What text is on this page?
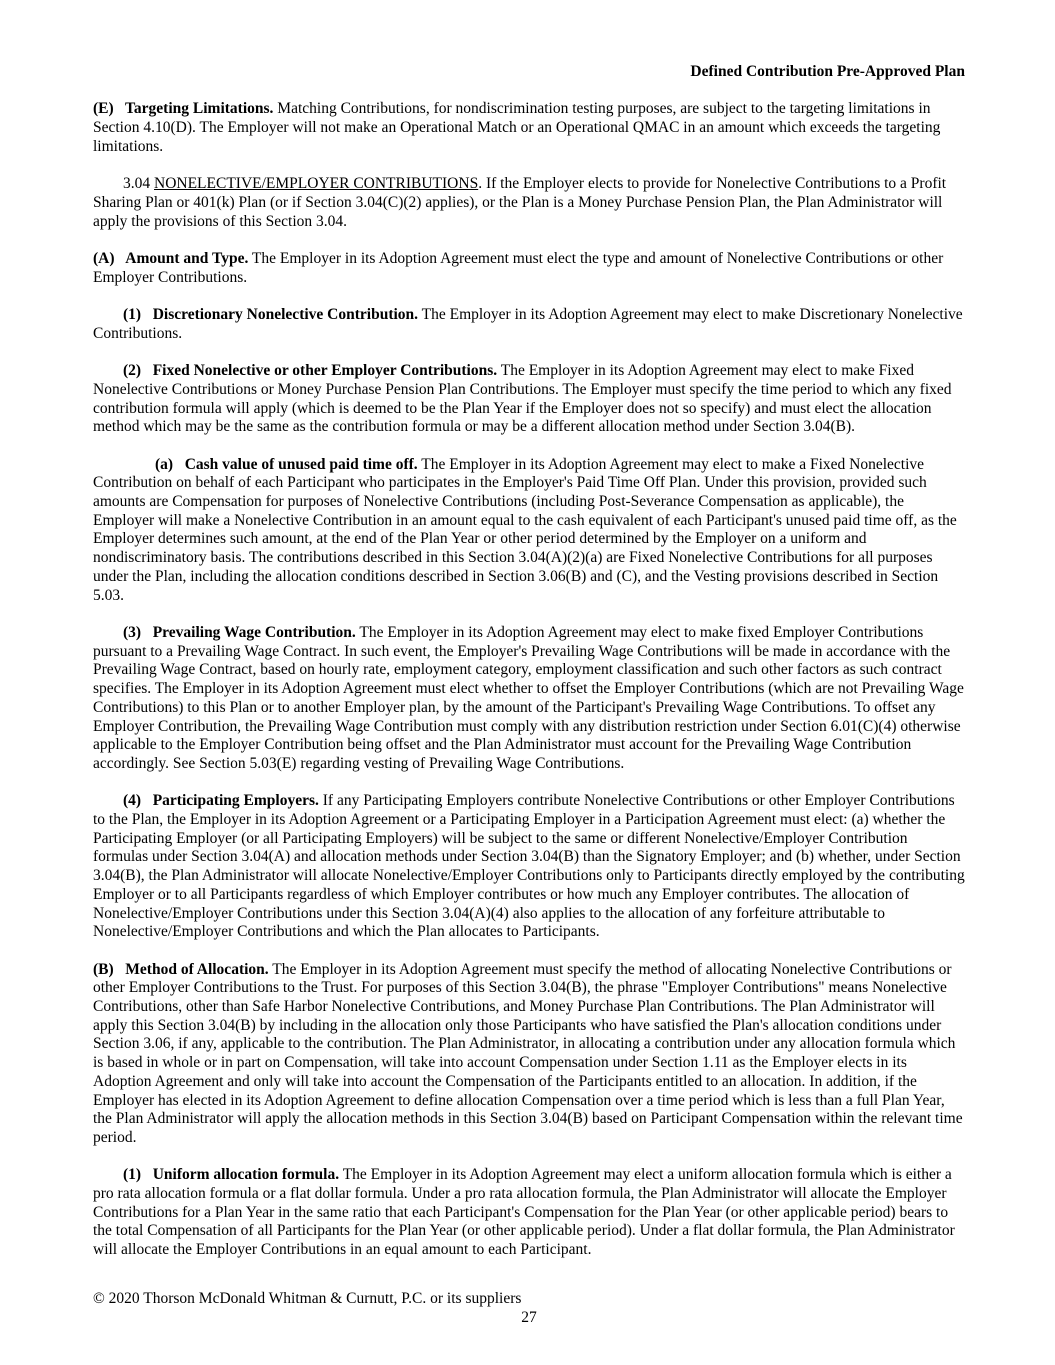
Defined Contribution Pre-Approved Plan

(E)   Targeting Limitations. Matching Contributions, for nondiscrimination testing purposes, are subject to the targeting limitations in Section 4.10(D). The Employer will not make an Operational Match or an Operational QMAC in an amount which exceeds the targeting limitations.

3.04 NONELECTIVE/EMPLOYER CONTRIBUTIONS. If the Employer elects to provide for Nonelective Contributions to a Profit Sharing Plan or 401(k) Plan (or if Section 3.04(C)(2) applies), or the Plan is a Money Purchase Pension Plan, the Plan Administrator will apply the provisions of this Section 3.04.

(A)   Amount and Type. The Employer in its Adoption Agreement must elect the type and amount of Nonelective Contributions or other Employer Contributions.

(1)   Discretionary Nonelective Contribution. The Employer in its Adoption Agreement may elect to make Discretionary Nonelective Contributions.

(2)   Fixed Nonelective or other Employer Contributions. The Employer in its Adoption Agreement may elect to make Fixed Nonelective Contributions or Money Purchase Pension Plan Contributions. The Employer must specify the time period to which any fixed contribution formula will apply (which is deemed to be the Plan Year if the Employer does not so specify) and must elect the allocation method which may be the same as the contribution formula or may be a different allocation method under Section 3.04(B).

(a)   Cash value of unused paid time off. The Employer in its Adoption Agreement may elect to make a Fixed Nonelective Contribution on behalf of each Participant who participates in the Employer's Paid Time Off Plan. Under this provision, provided such amounts are Compensation for purposes of Nonelective Contributions (including Post-Severance Compensation as applicable), the Employer will make a Nonelective Contribution in an amount equal to the cash equivalent of each Participant's unused paid time off, as the Employer determines such amount, at the end of the Plan Year or other period determined by the Employer on a uniform and nondiscriminatory basis. The contributions described in this Section 3.04(A)(2)(a) are Fixed Nonelective Contributions for all purposes under the Plan, including the allocation conditions described in Section 3.06(B) and (C), and the Vesting provisions described in Section 5.03.

(3)   Prevailing Wage Contribution. The Employer in its Adoption Agreement may elect to make fixed Employer Contributions pursuant to a Prevailing Wage Contract. In such event, the Employer's Prevailing Wage Contributions will be made in accordance with the Prevailing Wage Contract, based on hourly rate, employment category, employment classification and such other factors as such contract specifies. The Employer in its Adoption Agreement must elect whether to offset the Employer Contributions (which are not Prevailing Wage Contributions) to this Plan or to another Employer plan, by the amount of the Participant's Prevailing Wage Contributions. To offset any Employer Contribution, the Prevailing Wage Contribution must comply with any distribution restriction under Section 6.01(C)(4) otherwise applicable to the Employer Contribution being offset and the Plan Administrator must account for the Prevailing Wage Contribution accordingly. See Section 5.03(E) regarding vesting of Prevailing Wage Contributions.

(4)   Participating Employers. If any Participating Employers contribute Nonelective Contributions or other Employer Contributions to the Plan, the Employer in its Adoption Agreement or a Participating Employer in a Participation Agreement must elect: (a) whether the Participating Employer (or all Participating Employers) will be subject to the same or different Nonelective/Employer Contribution formulas under Section 3.04(A) and allocation methods under Section 3.04(B) than the Signatory Employer; and (b) whether, under Section 3.04(B), the Plan Administrator will allocate Nonelective/Employer Contributions only to Participants directly employed by the contributing Employer or to all Participants regardless of which Employer contributes or how much any Employer contributes. The allocation of Nonelective/Employer Contributions under this Section 3.04(A)(4) also applies to the allocation of any forfeiture attributable to Nonelective/Employer Contributions and which the Plan allocates to Participants.

(B)   Method of Allocation. The Employer in its Adoption Agreement must specify the method of allocating Nonelective Contributions or other Employer Contributions to the Trust. For purposes of this Section 3.04(B), the phrase "Employer Contributions" means Nonelective Contributions, other than Safe Harbor Nonelective Contributions, and Money Purchase Plan Contributions. The Plan Administrator will apply this Section 3.04(B) by including in the allocation only those Participants who have satisfied the Plan's allocation conditions under Section 3.06, if any, applicable to the contribution. The Plan Administrator, in allocating a contribution under any allocation formula which is based in whole or in part on Compensation, will take into account Compensation under Section 1.11 as the Employer elects in its Adoption Agreement and only will take into account the Compensation of the Participants entitled to an allocation. In addition, if the Employer has elected in its Adoption Agreement to define allocation Compensation over a time period which is less than a full Plan Year, the Plan Administrator will apply the allocation methods in this Section 3.04(B) based on Participant Compensation within the relevant time period.

(1)   Uniform allocation formula. The Employer in its Adoption Agreement may elect a uniform allocation formula which is either a pro rata allocation formula or a flat dollar formula. Under a pro rata allocation formula, the Plan Administrator will allocate the Employer Contributions for a Plan Year in the same ratio that each Participant's Compensation for the Plan Year (or other applicable period) bears to the total Compensation of all Participants for the Plan Year (or other applicable period). Under a flat dollar formula, the Plan Administrator will allocate the Employer Contributions in an equal amount to each Participant.

© 2020 Thorson McDonald Whitman & Curnutt, P.C. or its suppliers
27
